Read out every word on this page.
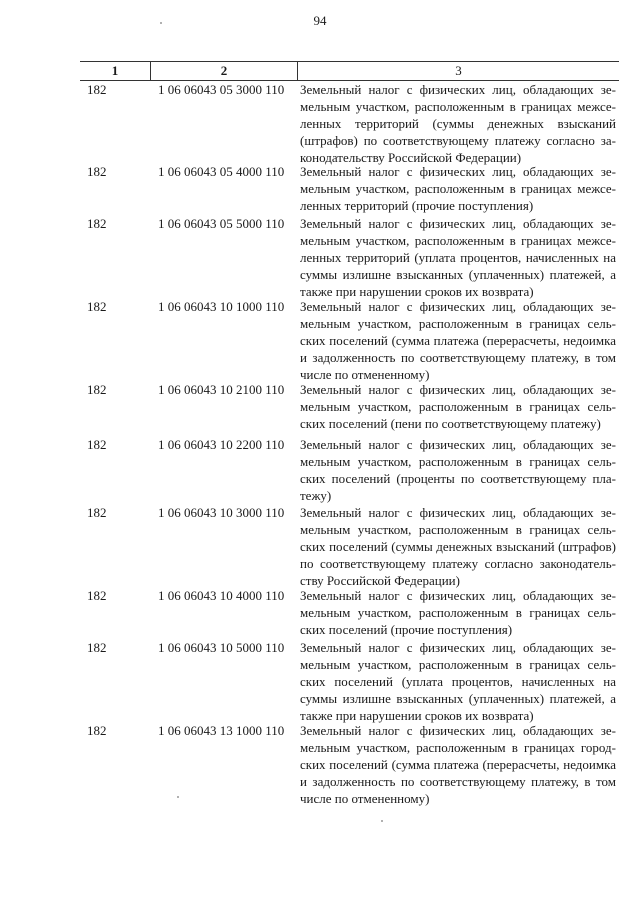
94
1	2	3
182	1 06 06043 05 3000 110	Земельный налог с физических лиц, обладающих зе-
мельным участком, расположенным в границах межсе-
ленных территорий (суммы денежных взысканий
(штрафов) по соответствующему платежу согласно за-
конодательству Российской Федерации)
182	1 06 06043 05 4000 110	Земельный налог с физических лиц, обладающих зе-
мельным участком, расположенным в границах межсе-
ленных территорий (прочие поступления)
182	1 06 06043 05 5000 110	Земельный налог с физических лиц, обладающих зе-
мельным участком, расположенным в границах межсе-
ленных территорий (уплата процентов, начисленных на
суммы излишне взысканных (уплаченных) платежей, а
также при нарушении сроков их возврата)
182	1 06 06043 10 1000 110	Земельный налог с физических лиц, обладающих зе-
мельным участком, расположенным в границах сель-
ских поселений (сумма платежа (перерасчеты, недоимка
и задолженность по соответствующему платежу, в том
числе по отмененному)
182	1 06 06043 10 2100 110	Земельный налог с физических лиц, обладающих зе-
мельным участком, расположенным в границах сель-
ских поселений (пени по соответствующему платежу)
182	1 06 06043 10 2200 110	Земельный налог с физических лиц, обладающих зе-
мельным участком, расположенным в границах сель-
ских поселений (проценты по соответствующему пла-
тежу)
182	1 06 06043 10 3000 110	Земельный налог с физических лиц, обладающих зе-
мельным участком, расположенным в границах сель-
ских поселений (суммы денежных взысканий (штрафов)
по соответствующему платежу согласно законодатель-
ству Российской Федерации)
182	1 06 06043 10 4000 110	Земельный налог с физических лиц, обладающих зе-
мельным участком, расположенным в границах сель-
ских поселений (прочие поступления)
182	1 06 06043 10 5000 110	Земельный налог с физических лиц, обладающих зе-
мельным участком, расположенным в границах сель-
ских поселений (уплата процентов, начисленных на
суммы излишне взысканных (уплаченных) платежей, а
также при нарушении сроков их возврата)
182	1 06 06043 13 1000 110	Земельный налог с физических лиц, обладающих зе-
мельным участком, расположенным в границах город-
ских поселений (сумма платежа (перерасчеты, недоимка
и задолженность по соответствующему платежу, в том
числе по отмененному)
